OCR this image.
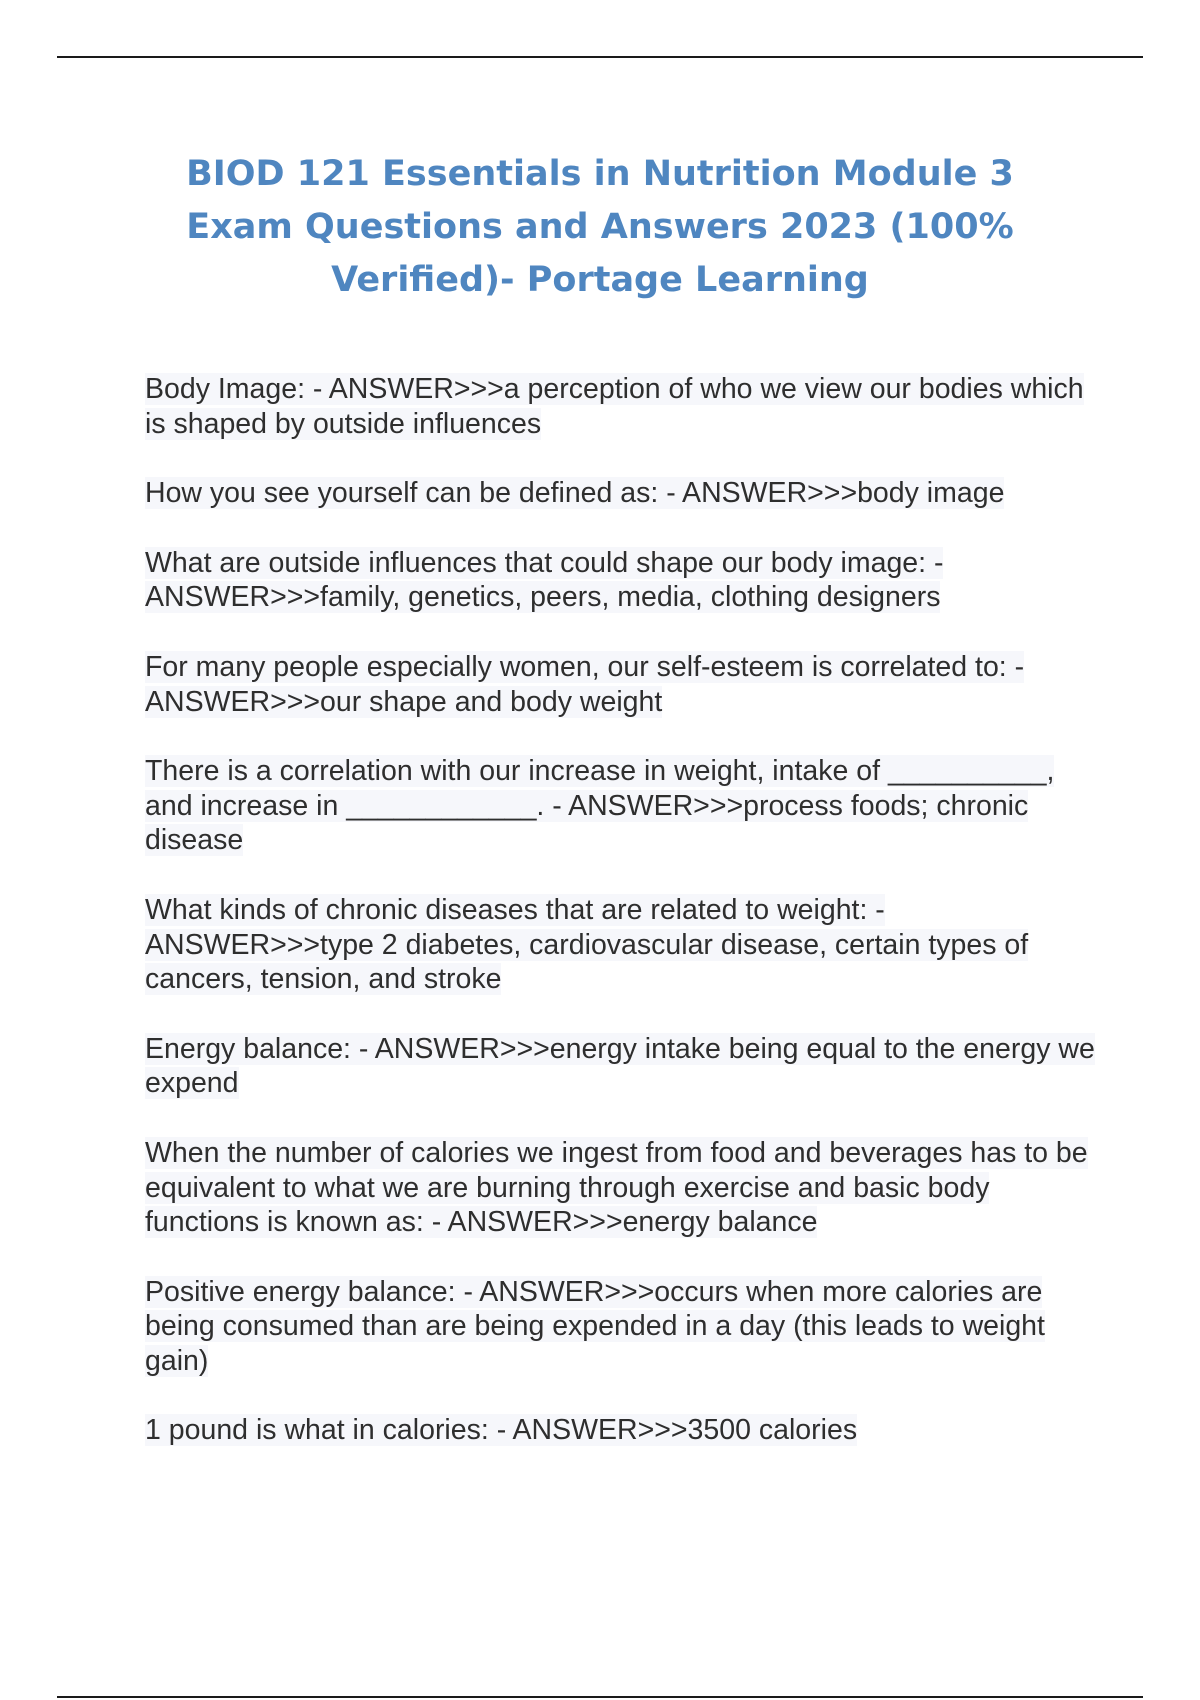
BIOD 121 Essentials in Nutrition Module 3 Exam Questions and Answers 2023 (100% Verified)- Portage Learning
Body Image: - ANSWER>>>a perception of who we view our bodies which is shaped by outside influences
How you see yourself can be defined as: - ANSWER>>>body image
What are outside influences that could shape our body image: - ANSWER>>>family, genetics, peers, media, clothing designers
For many people especially women, our self-esteem is correlated to: - ANSWER>>>our shape and body weight
There is a correlation with our increase in weight, intake of __________, and increase in ____________. - ANSWER>>>process foods; chronic disease
What kinds of chronic diseases that are related to weight: - ANSWER>>>type 2 diabetes, cardiovascular disease, certain types of cancers, tension, and stroke
Energy balance: - ANSWER>>>energy intake being equal to the energy we expend
When the number of calories we ingest from food and beverages has to be equivalent to what we are burning through exercise and basic body functions is known as: - ANSWER>>>energy balance
Positive energy balance: - ANSWER>>>occurs when more calories are being consumed than are being expended in a day (this leads to weight gain)
1 pound is what in calories: - ANSWER>>>3500 calories
